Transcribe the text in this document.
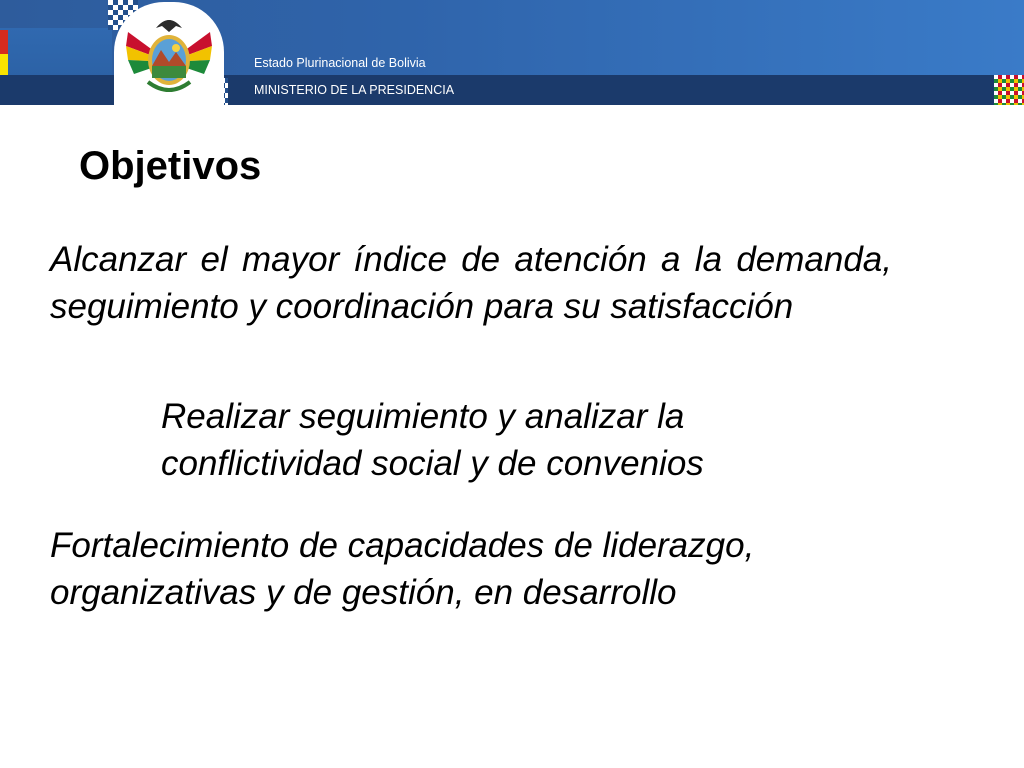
Estado Plurinacional de Bolivia
MINISTERIO DE LA PRESIDENCIA
Objetivos

Alcanzar el mayor índice de atención a la demanda, seguimiento y coordinación para su satisfacción

Realizar seguimiento y analizar la conflictividad social y de convenios

Fortalecimiento de capacidades de liderazgo, organizativas y de gestión, en desarrollo
